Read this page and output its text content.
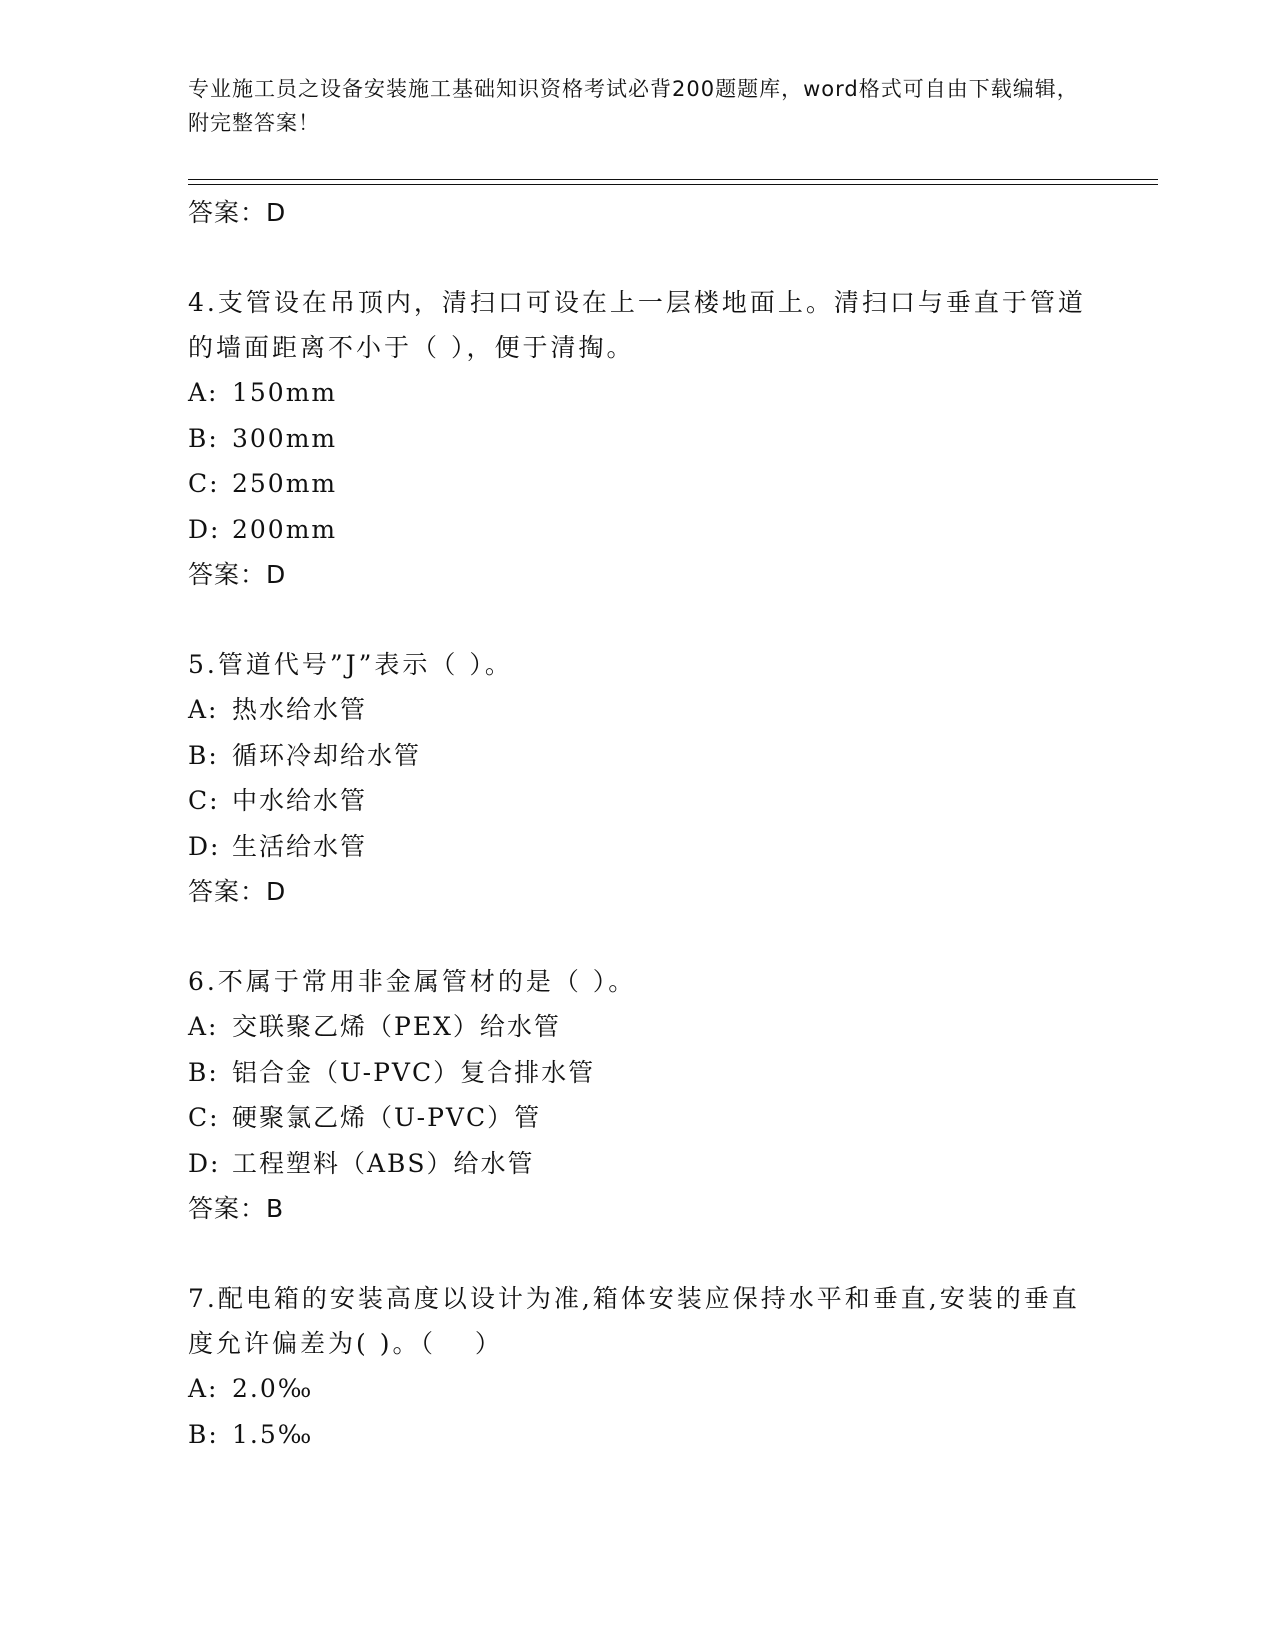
专业施工员之设备安装施工基础知识资格考试必背200题题库，word格式可自由下载编辑，附完整答案！
答案：D
4.支管设在吊顶内，清扫口可设在上一层楼地面上。清扫口与垂直于管道的墙面距离不小于（ ），便于清掏。
A: 150mm
B: 300mm
C: 250mm
D: 200mm
答案：D
5.管道代号”J”表示（ ）。
A: 热水给水管
B: 循环冷却给水管
C: 中水给水管
D: 生活给水管
答案：D
6.不属于常用非金属管材的是（ ）。
A: 交联聚乙烯（PEX）给水管
B: 铝合金（U-PVC）复合排水管
C: 硬聚氯乙烯（U-PVC）管
D: 工程塑料（ABS）给水管
答案：B
7.配电箱的安装高度以设计为准,箱体安装应保持水平和垂直,安装的垂直度允许偏差为( )。（　 ）
A: 2.0‰
B: 1.5‰
